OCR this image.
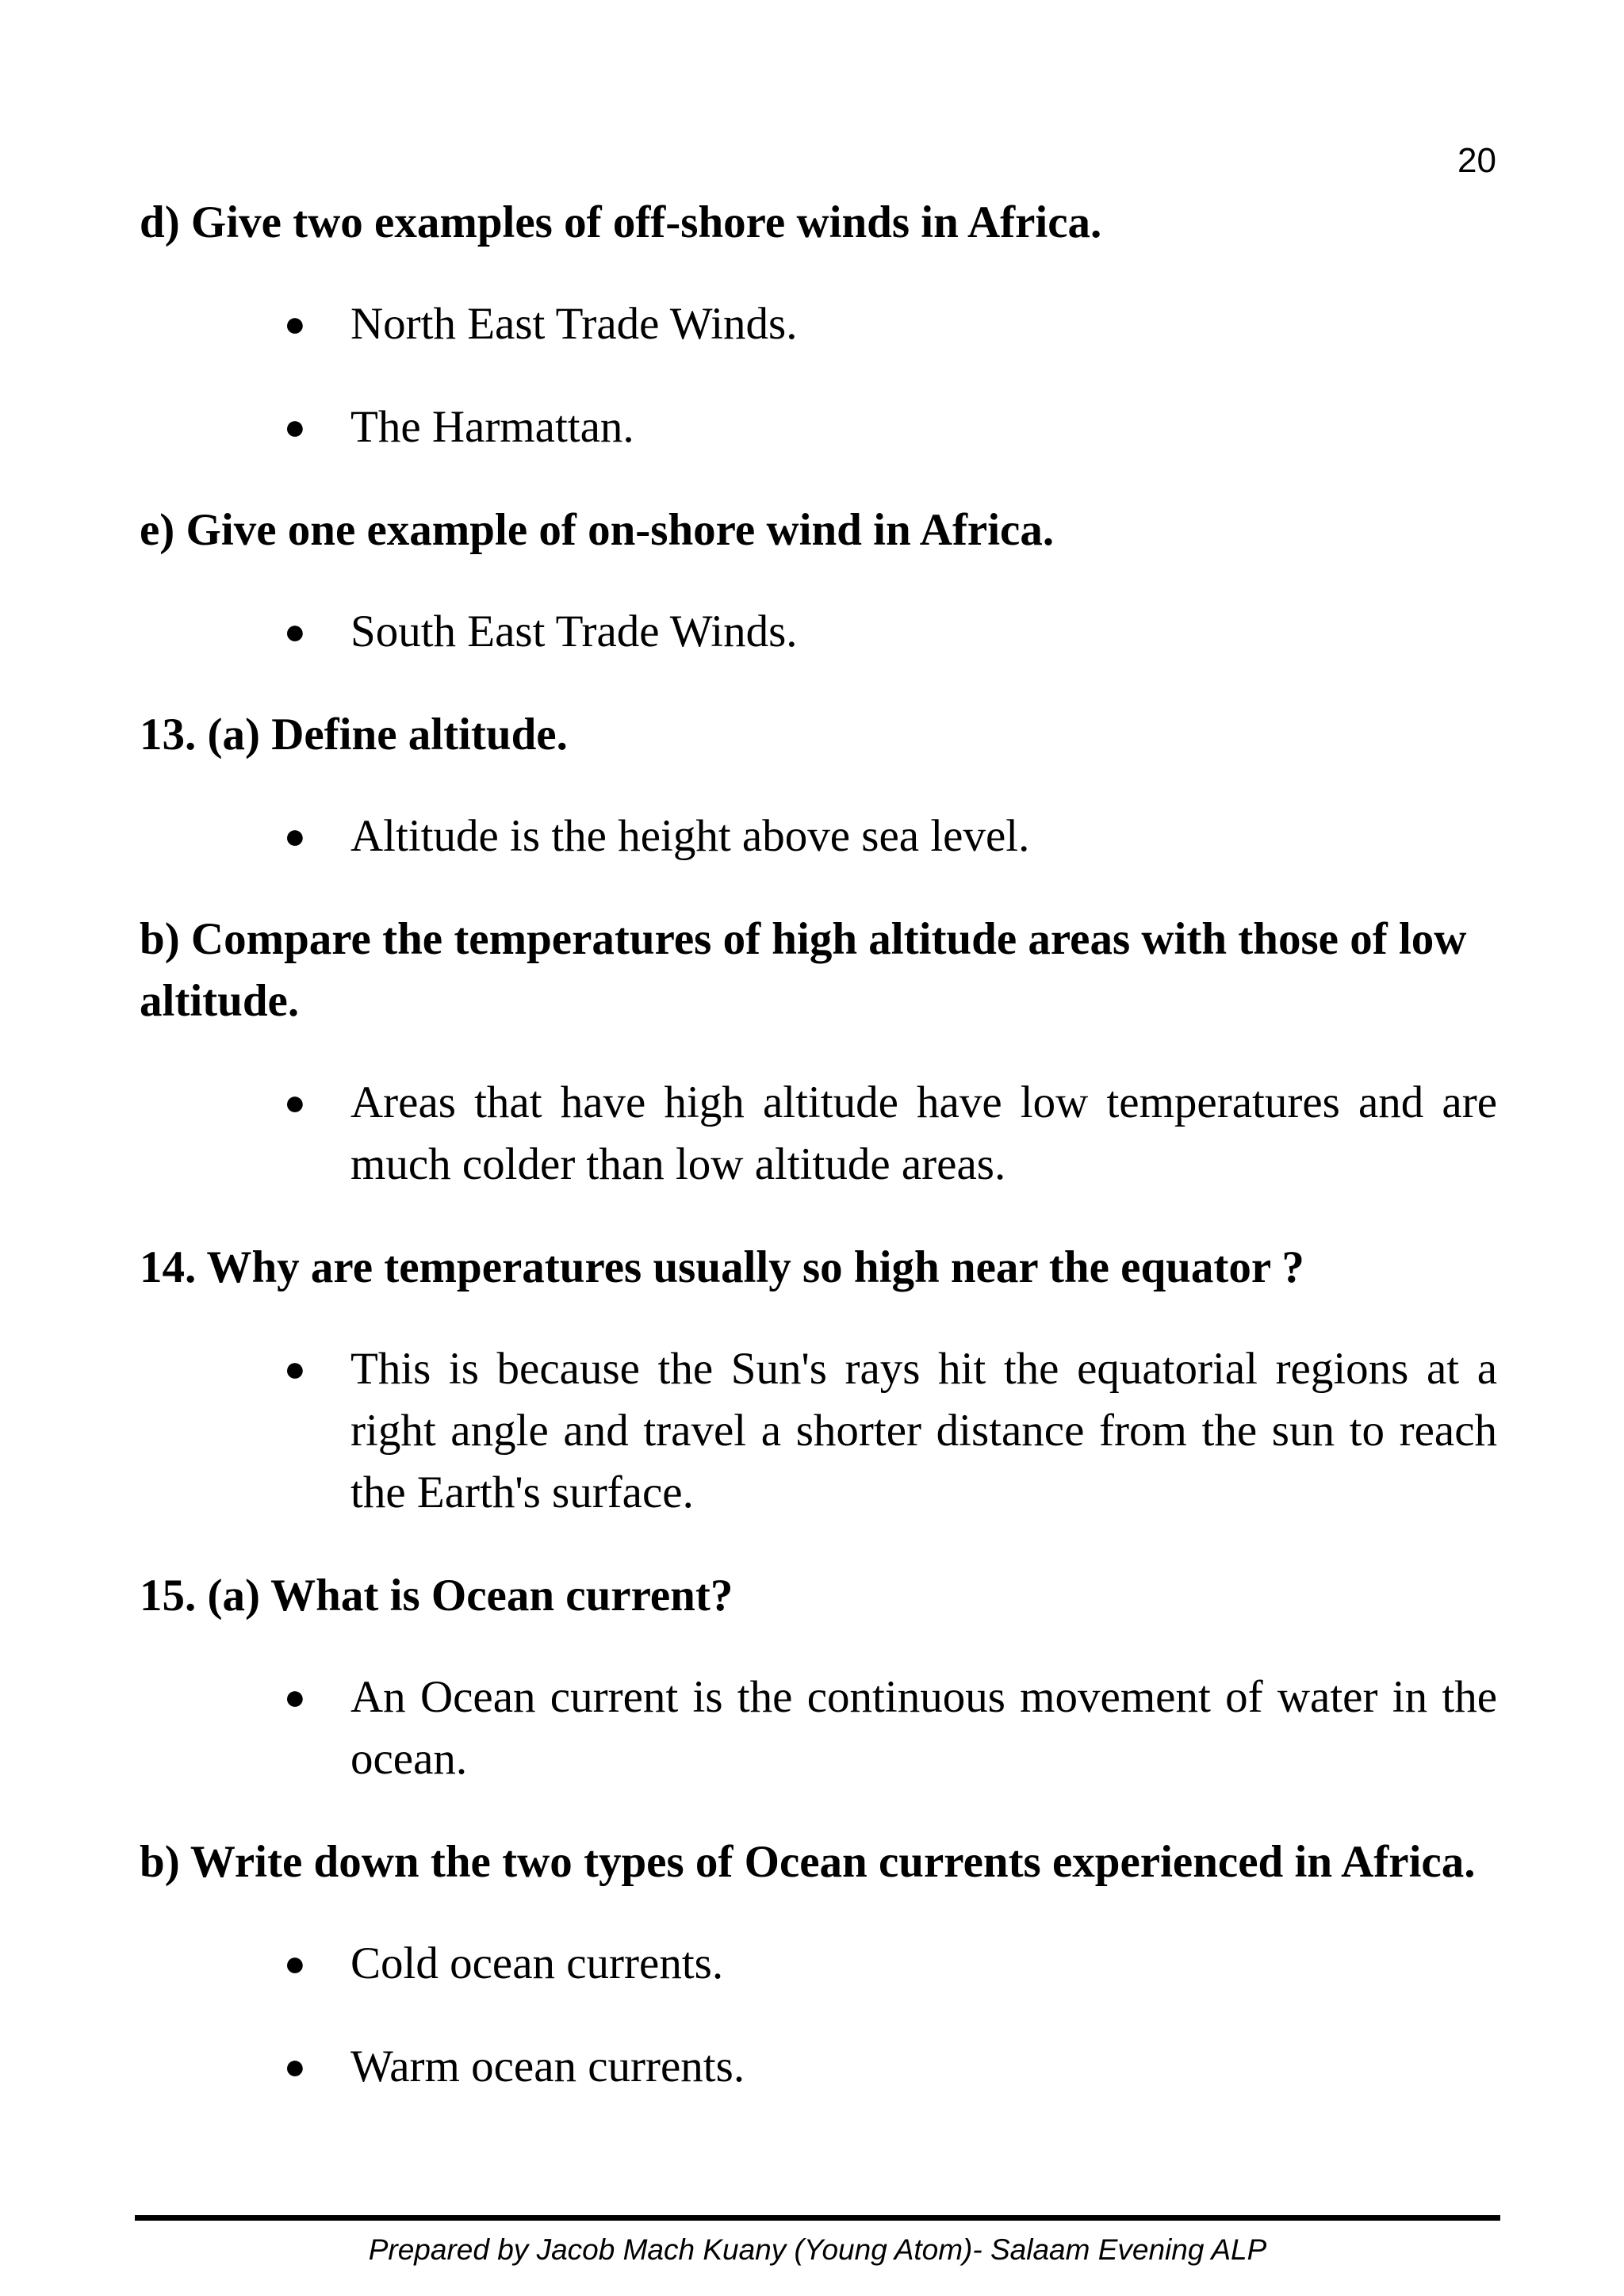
20
d) Give two examples of off-shore winds in Africa.
● North East Trade Winds.
● The Harmattan.
e) Give one example of on-shore wind in Africa.
● South East Trade Winds.
13. (a) Define altitude.
● Altitude is the height above sea level.
b) Compare the temperatures of high altitude areas with those of low altitude.
● Areas that have high altitude have low temperatures and are much colder than low altitude areas.
14. Why are temperatures usually so high near the equator ?
● This is because the Sun's rays hit the equatorial regions at a right angle and travel a shorter distance from the sun to reach the Earth's surface.
15. (a) What is Ocean current?
● An Ocean current is the continuous movement of water in the ocean.
b) Write down the two types of Ocean currents experienced in Africa.
● Cold ocean currents.
● Warm ocean currents.
Prepared by Jacob Mach Kuany (Young Atom)- Salaam Evening ALP
